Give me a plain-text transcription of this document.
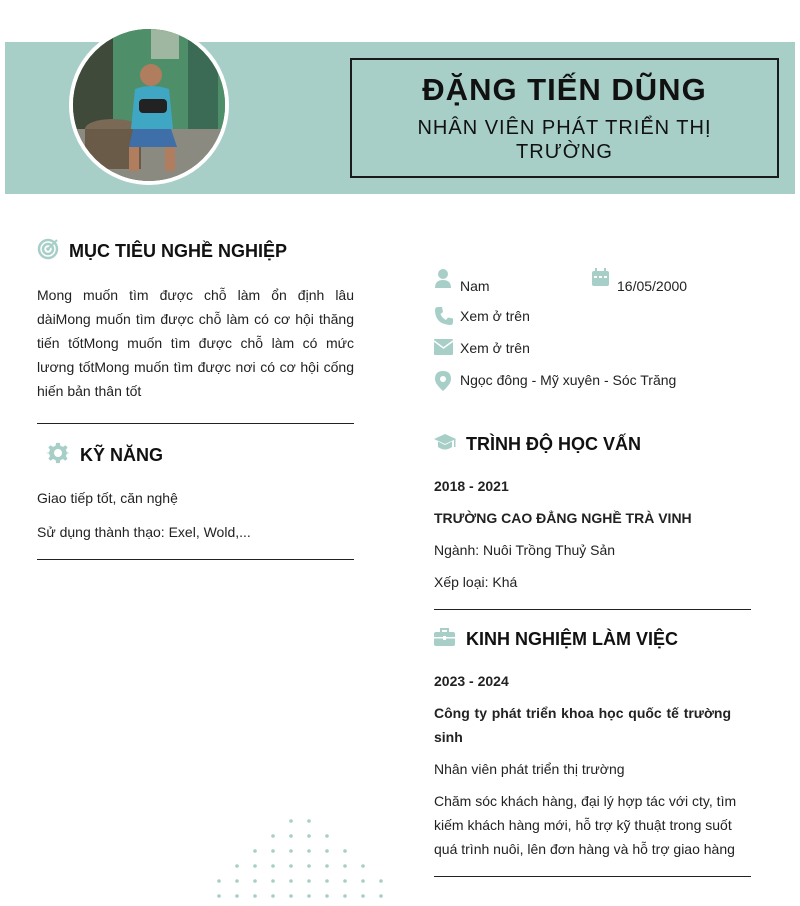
ĐẶNG TIẾN DŨNG
NHÂN VIÊN PHÁT TRIỂN THỊ TRƯỜNG
MỤC TIÊU NGHỀ NGHIỆP
Mong muốn tìm được chỗ làm ổn định lâu dàiMong muốn tìm được chỗ làm có cơ hội thăng tiến tốtMong muốn tìm được chỗ làm có mức lương tốtMong muốn tìm được nơi có cơ hội cống hiến bản thân tốt
KỸ NĂNG
Giao tiếp tốt, căn nghệ
Sử dụng thành thạo: Exel, Wold,...
Nam	16/05/2000
Xem ở trên
Xem ở trên
Ngọc đông - Mỹ xuyên - Sóc Trăng
TRÌNH ĐỘ HỌC VẤN
2018 - 2021
TRƯỜNG CAO ĐẲNG NGHỀ TRÀ VINH
Ngành: Nuôi Trồng Thuỷ Sản
Xếp loại: Khá
KINH NGHIỆM LÀM VIỆC
2023 - 2024
Công ty phát triển khoa học quốc tế trường sinh
Nhân viên phát triển thị trường
Chăm sóc khách hàng, đại lý hợp tác với cty, tìm kiếm khách hàng mới, hỗ trợ kỹ thuật trong suốt quá trình nuôi, lên đơn hàng và hỗ trợ giao hàng
